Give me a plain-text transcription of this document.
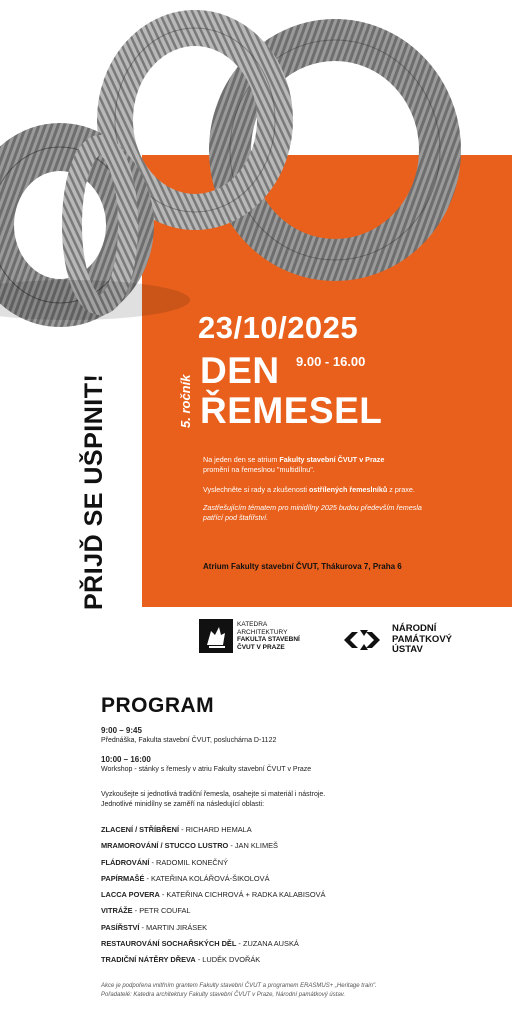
PŘIJĎ SE UŠPINIT!
23/10/2025
5. ročník
DEN
ŘEMESEL
9.00 - 16.00
Na jeden den se atrium Fakulty stavební ČVUT v Praze
promění na řemeslnou "multidílnu".
Vyslechněte si rady a zkušenosti ostřílených řemeslníků z praxe.
Zastřešujícím tématem pro minidílny 2025 budou především řemesla
patřící pod štafířství.
Atrium Fakulty stavební ČVUT, Thákurova 7, Praha 6
KATEDRA
ARCHITEKTURY
FAKULTA STAVEBNÍ
ČVUT V PRAZE
NÁRODNÍ
PAMÁTKOVÝ
ÚSTAV
PROGRAM
9:00 – 9:45
Přednáška, Fakulta stavební ČVUT, posluchárna D-1122
10:00 – 16:00
Workshop - stánky s řemesly v atriu Fakulty stavební ČVUT v Praze
Vyzkoušejte si jednotlivá tradiční řemesla, osahejte si materiál i nástroje.
Jednotlivé minidílny se zaměří na následující oblasti:
ZLACENÍ / STŘÍBŘENÍ - RICHARD HEMALA
MRAMOROVÁNÍ / STUCCO LUSTRO - JAN KLIMEŠ
FLÁDROVÁNÍ - RADOMIL KONEČNÝ
PAPÍRMAŠÉ - KATEŘINA KOLÁŘOVÁ-ŠIKOLOVÁ
LACCA POVERA - KATEŘINA CICHROVÁ + RADKA KALABISOVÁ
VITRÁŽE - PETR COUFAL
PASÍŘSTVÍ - MARTIN JIRÁSEK
RESTAUROVÁNÍ SOCHAŘSKÝCH DĚL - ZUZANA AUSKÁ
TRADIČNÍ NÁTĚRY DŘEVA - LUDĚK DVOŘÁK
Akce je podpořena vnitřním grantem Fakulty stavební ČVUT a programem ERASMUS+ „Heritage train".
Pořadatelé: Katedra architektury Fakulty stavební ČVUT v Praze, Národní památkový ústav.
